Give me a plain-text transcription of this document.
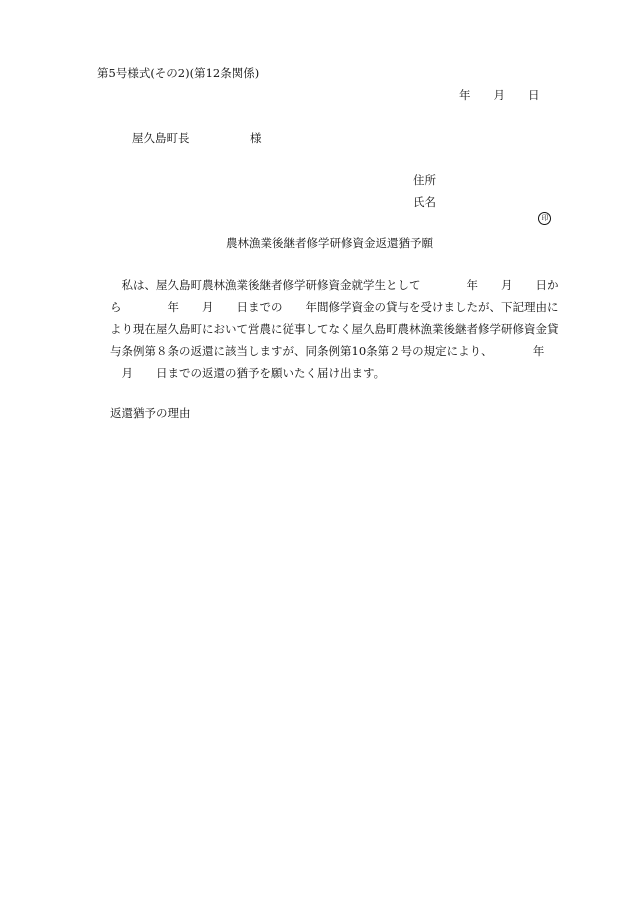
第5号様式(その2)(第12条関係)
年　　月　　日
屋久島町長	様
住所
氏名

印

農林漁業後継者修学研修資金返還猶予願
　私は、屋久島町農林漁業後継者修学研修資金就学生として　　　　年　　月　　日か
ら　　　　年　　月　　日までの　　年間修学資金の貸与を受けましたが、下記理由に
より現在屋久島町において営農に従事してなく屋久島町農林漁業後継者修学研修資金貸
与条例第８条の返還に該当しますが、同条例第10条第２号の規定により、　　　　年
　月　　日までの返還の猶予を願いたく届け出ます。
返還猶予の理由
